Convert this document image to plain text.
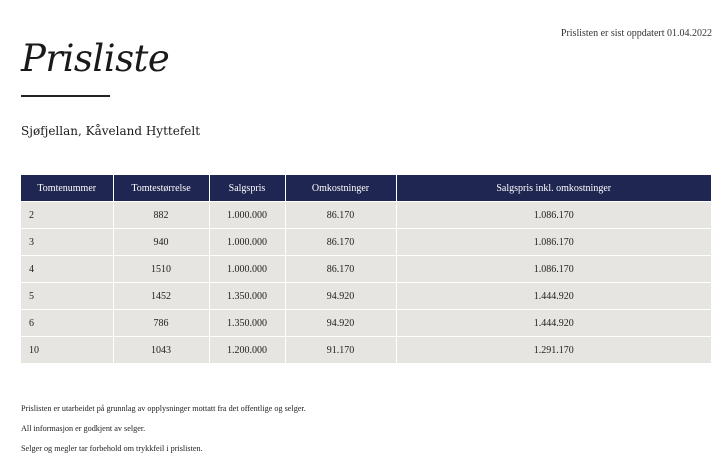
Prislisten er sist oppdatert 01.04.2022
Prisliste
Sjøfjellan, Kåveland Hyttefelt
Tomtenummer	Tomtestørrelse	Salgspris	Omkostninger	Salgspris inkl. omkostninger
2	882	1.000.000	86.170	1.086.170
3	940	1.000.000	86.170	1.086.170
4	1510	1.000.000	86.170	1.086.170
5	1452	1.350.000	94.920	1.444.920
6	786	1.350.000	94.920	1.444.920
10	1043	1.200.000	91.170	1.291.170

Prislisten er utarbeidet på grunnlag av opplysninger mottatt fra det offentlige og selger.

All informasjon er godkjent av selger.

Selger og megler tar forbehold om trykkfeil i prislisten.
